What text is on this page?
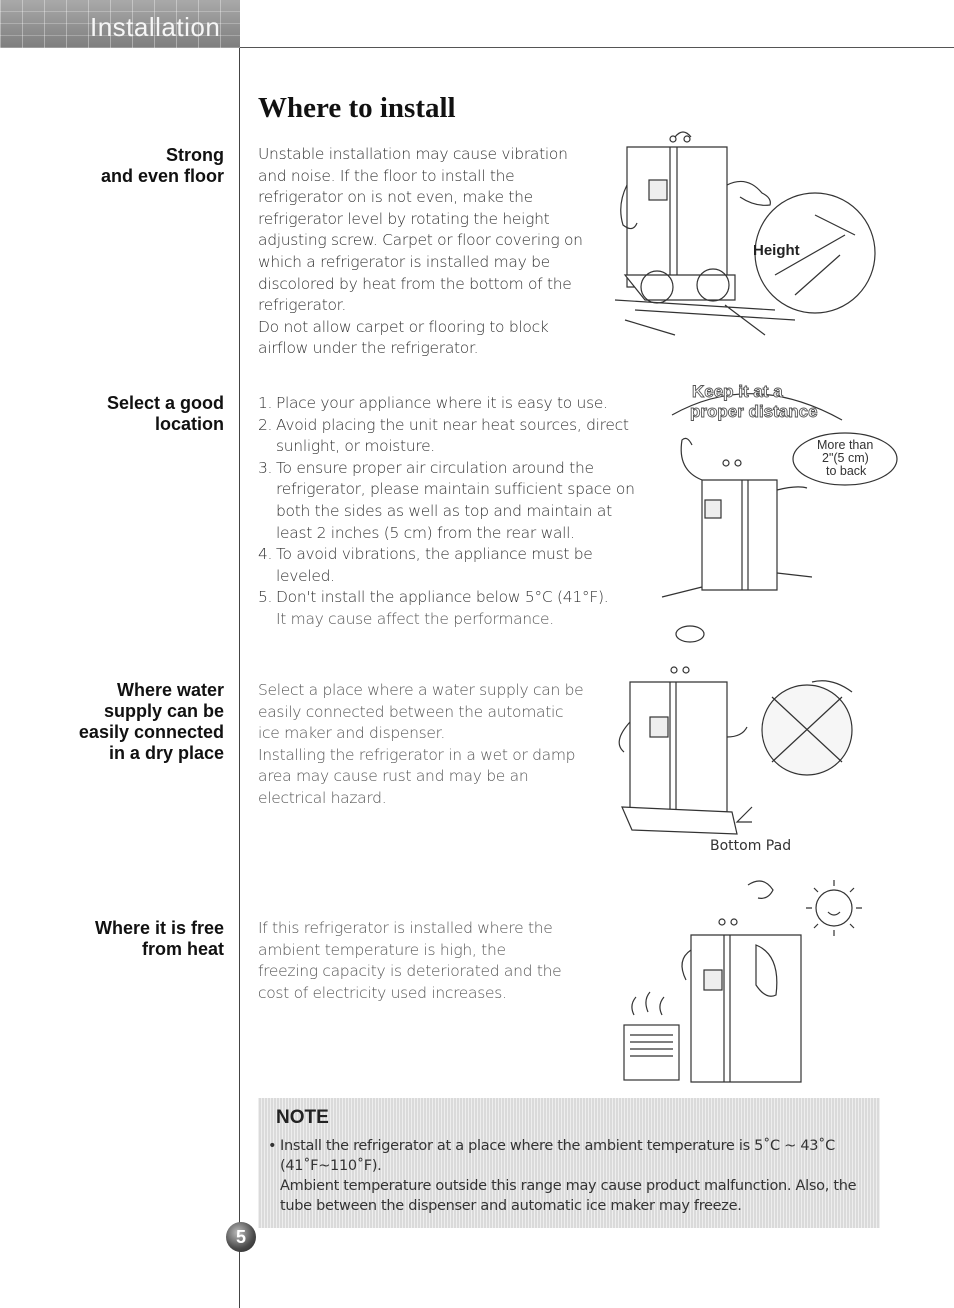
Installation
Where to install
Strong
and even floor

Unstable installation may cause vibration and noise. If the floor to install the refrigerator on is not even, make the refrigerator level by rotating the height adjusting screw. Carpet or floor covering on which a refrigerator is installed may be discolored by heat from the bottom of the refrigerator.

Do not allow carpet or flooring to block airflow under the refrigerator.

Height
Select a good
location
1. Place your appliance where it is easy to use.
2. Avoid placing the unit near heat sources, direct sunlight, or moisture.
3. To ensure proper air circulation around the refrigerator, please maintain sufficient space on both the sides as well as top and maintain at least 2 inches (5 cm) from the rear wall.
4. To avoid vibrations, the appliance must be leveled.
5. Don't install the appliance below 5°C (41°F).

It may cause affect the performance.

Keep it at a
proper distance
More than
2"(5 cm)
to back
Where water
supply can be
easily connected
in a dry place

Select a place where a water supply can be easily connected between the automatic ice maker and dispenser.

Installing the refrigerator in a wet or damp area may cause rust and may be an electrical hazard.

Bottom Pad
Where it is free
from heat

If this refrigerator is installed where the ambient temperature is high, the freezing capacity is deteriorated and the cost of electricity used increases.

NOTE

• Install the refrigerator at a place where the ambient temperature is 5˚C ~ 43˚C (41˚F~110˚F).

Ambient temperature outside this range may cause product malfunction. Also, the tube between the dispenser and automatic ice maker may freeze.

5
